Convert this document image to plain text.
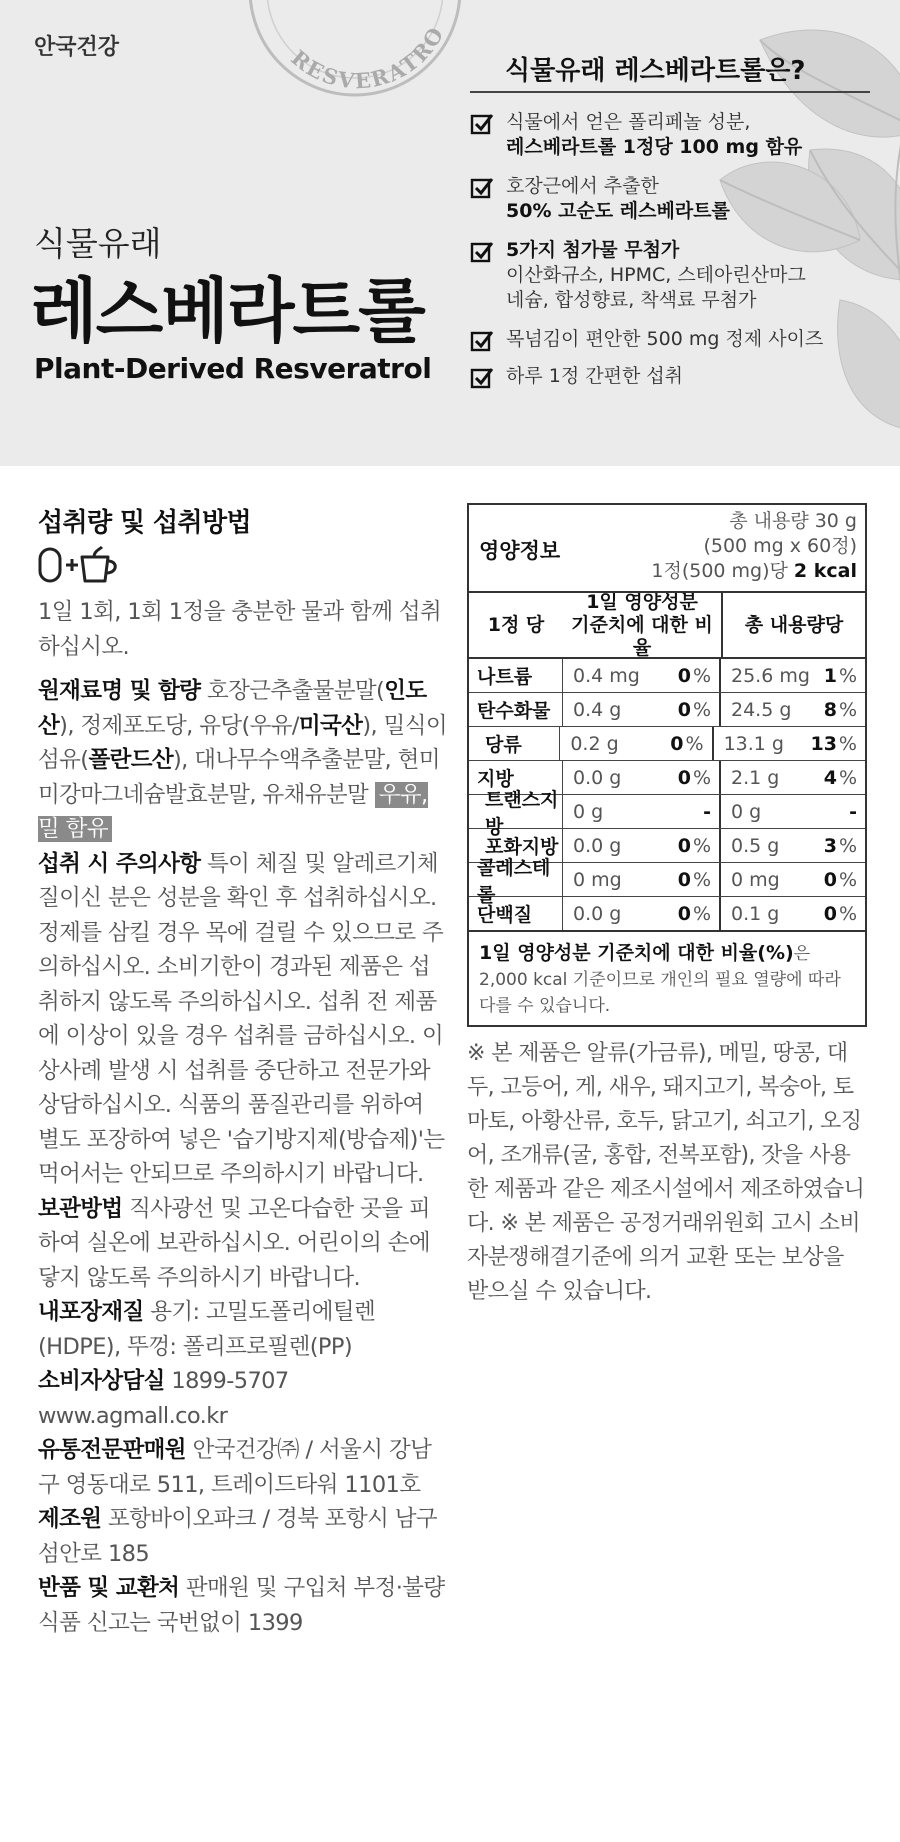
RESVERATRO
안국건강
식물유래
레스베라트롤
Plant-Derived Resveratrol
식물유래 레스베라트롤은?
식물에서 얻은 폴리페놀 성분,
레스베라트롤 1정당 100 mg 함유
호장근에서 추출한
50% 고순도 레스베라트롤
5가지 첨가물 무첨가
이산화규소, HPMC, 스테아린산마그
네슘, 합성향료, 착색료 무첨가
목넘김이 편안한 500 mg 정제 사이즈
하루 1정 간편한 섭취
섭취량 및 섭취방법
1일 1회, 1회 1정을 충분한 물과 함께 섭취하십시오.
원재료명 및 함량 호장근추출물분말(인도산), 정제포도당, 유당(우유/미국산), 밀식이섬유(폴란드산), 대나무수액추출분말, 현미미강마그네슘발효분말, 유채유분말 우유, 밀 함유
섭취 시 주의사항 특이 체질 및 알레르기체질이신 분은 성분을 확인 후 섭취하십시오. 정제를 삼킬 경우 목에 걸릴 수 있으므로 주의하십시오. 소비기한이 경과된 제품은 섭취하지 않도록 주의하십시오. 섭취 전 제품에 이상이 있을 경우 섭취를 금하십시오. 이상사례 발생 시 섭취를 중단하고 전문가와 상담하십시오. 식품의 품질관리를 위하여 별도 포장하여 넣은 '습기방지제(방습제)'는 먹어서는 안되므로 주의하시기 바랍니다.
보관방법 직사광선 및 고온다습한 곳을 피하여 실온에 보관하십시오. 어린이의 손에 닿지 않도록 주의하시기 바랍니다.
내포장재질 용기: 고밀도폴리에틸렌(HDPE), 뚜껑: 폴리프로필렌(PP)
소비자상담실 1899-5707 www.agmall.co.kr
유통전문판매원 안국건강㈜ / 서울시 강남구 영동대로 511, 트레이드타워 1101호
제조원 포항바이오파크 / 경북 포항시 남구 섬안로 185
반품 및 교환처 판매원 및 구입처 부정·불량식품 신고는 국번없이 1399
영양정보
총 내용량 30 g
(500 mg x 60정)
1정(500 mg)당 2 kcal
1정 당
1일 영양성분
기준치에 대한 비율
총 내용량당
나트륨	0.4 mg	0 %	25.6 mg 1 %
탄수화물	0.4 g	0 %	24.5 g	8 %
당류	0.2 g	0 %	13.1 g	13 %
지방	0.0 g	0 %	2.1 g	4 %
트랜스지방
0 g	-	0 g	-
포화지방 0.0 g	0 %	0.5 g	3 %
콜레스테롤
0 mg	0 %	0 mg	0 %
단백질	0.0 g	0 %	0.1 g	0 %
1일 영양성분 기준치에 대한 비율(%)은
2,000 kcal 기준이므로 개인의 필요 열량에 따라 다를 수 있습니다.
※ 본 제품은 알류(가금류), 메밀, 땅콩, 대두, 고등어, 게, 새우, 돼지고기, 복숭아, 토마토, 아황산류, 호두, 닭고기, 쇠고기, 오징어, 조개류(굴, 홍합, 전복포함), 잣을 사용한 제품과 같은 제조시설에서 제조하였습니다. ※ 본 제품은 공정거래위원회 고시 소비자분쟁해결기준에 의거 교환 또는 보상을 받으실 수 있습니다.
